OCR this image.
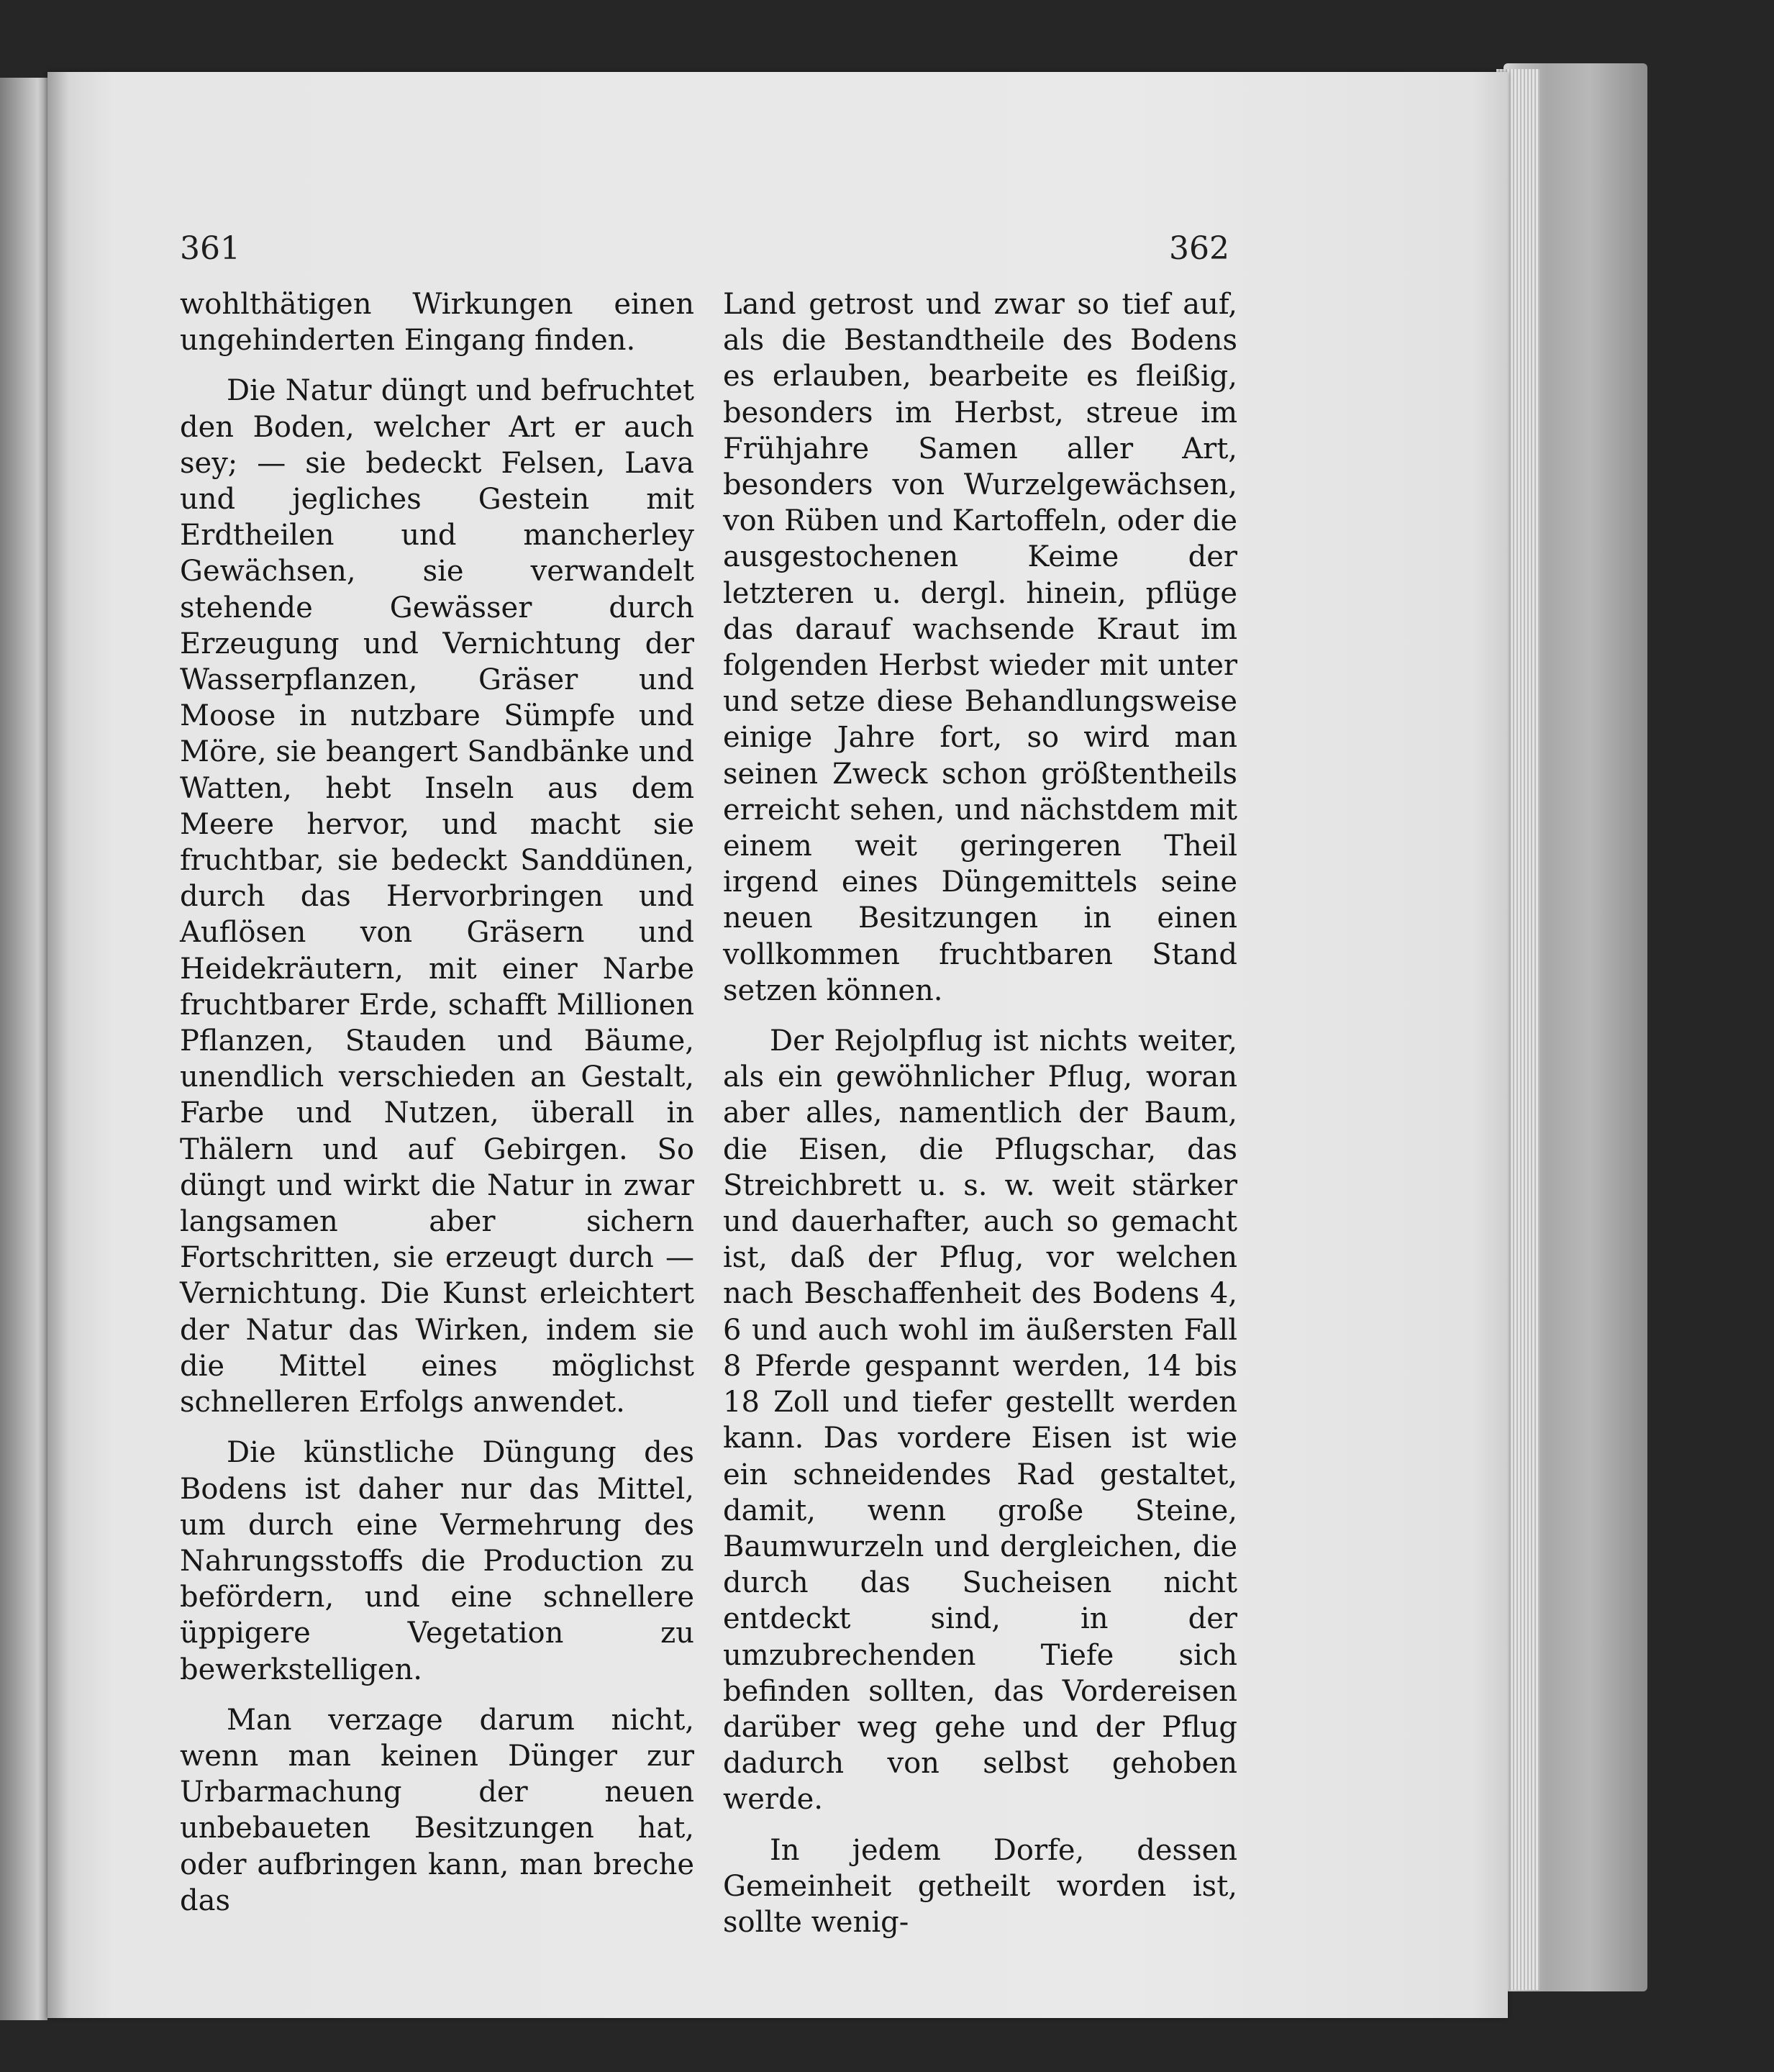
361	362

wohlthätigen Wirkungen einen ungehinderten Eingang finden.

Die Natur düngt und befruchtet den Boden, welcher Art er auch sey; — sie bedeckt Felsen, Lava und jegliches Gestein mit Erdtheilen und mancherley Gewächsen, sie verwandelt stehende Gewässer durch Erzeugung und Vernichtung der Wasserpflanzen, Gräser und Moose in nutzbare Sümpfe und Möre, sie beangert Sandbänke und Watten, hebt Inseln aus dem Meere hervor, und macht sie fruchtbar, sie bedeckt Sanddünen, durch das Hervorbringen und Auflösen von Gräsern und Heidekräutern, mit einer Narbe fruchtbarer Erde, schafft Millionen Pflanzen, Stauden und Bäume, unendlich verschieden an Gestalt, Farbe und Nutzen, überall in Thälern und auf Gebirgen. So düngt und wirkt die Natur in zwar langsamen aber sichern Fortschritten, sie erzeugt durch — Vernichtung. Die Kunst erleichtert der Natur das Wirken, indem sie die Mittel eines möglichst schnelleren Erfolgs anwendet.

Die künstliche Düngung des Bodens ist daher nur das Mittel, um durch eine Vermehrung des Nahrungsstoffs die Production zu befördern, und eine schnellere üppigere Vegetation zu bewerkstelligen.

Man verzage darum nicht, wenn man keinen Dünger zur Urbarmachung der neuen unbebaueten Besitzungen hat, oder aufbringen kann, man breche das

Land getrost und zwar so tief auf, als die Bestandtheile des Bodens es erlauben, bearbeite es fleißig, besonders im Herbst, streue im Frühjahre Samen aller Art, besonders von Wurzelgewächsen, von Rüben und Kartoffeln, oder die ausgestochenen Keime der letzteren u. dergl. hinein, pflüge das darauf wachsende Kraut im folgenden Herbst wieder mit unter und setze diese Behandlungsweise einige Jahre fort, so wird man seinen Zweck schon größtentheils erreicht sehen, und nächstdem mit einem weit geringeren Theil irgend eines Düngemittels seine neuen Besitzungen in einen vollkommen fruchtbaren Stand setzen können.

Der Rejolpflug ist nichts weiter, als ein gewöhnlicher Pflug, woran aber alles, namentlich der Baum, die Eisen, die Pflugschar, das Streichbrett u. s. w. weit stärker und dauerhafter, auch so gemacht ist, daß der Pflug, vor welchen nach Beschaffenheit des Bodens 4, 6 und auch wohl im äußersten Fall 8 Pferde gespannt werden, 14 bis 18 Zoll und tiefer gestellt werden kann. Das vordere Eisen ist wie ein schneidendes Rad gestaltet, damit, wenn große Steine, Baumwurzeln und dergleichen, die durch das Sucheisen nicht entdeckt sind, in der umzubrechenden Tiefe sich befinden sollten, das Vordereisen darüber weg gehe und der Pflug dadurch von selbst gehoben werde.

In jedem Dorfe, dessen Gemeinheit getheilt worden ist, sollte wenig-
